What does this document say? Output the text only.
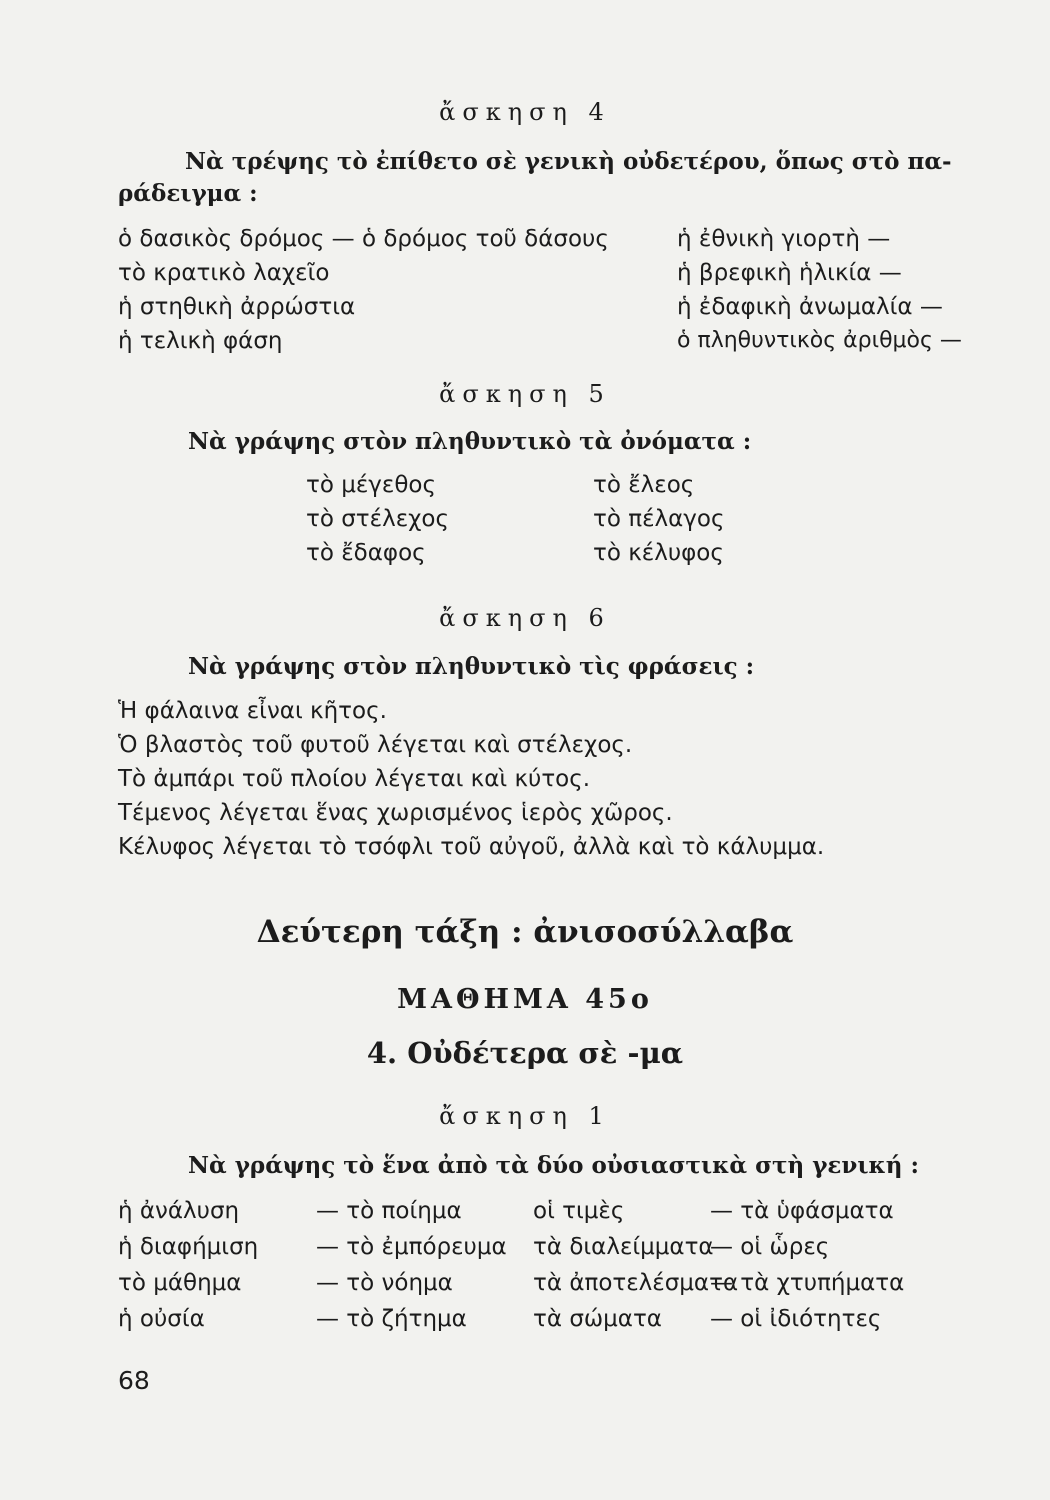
ἄσκηση 4
Νὰ τρέψης τὸ ἐπίθετο σὲ γενικὴ οὐδετέρου, ὅπως στὸ πα-
ράδειγμα :
ὁ δασικὸς δρόμος — ὁ δρόμος τοῦ δάσους
τὸ κρατικὸ λαχεῖο
ἡ στηθικὴ ἀρρώστια
ἡ τελικὴ φάση
ἡ ἐθνικὴ γιορτὴ —
ἡ βρεφικὴ ἡλικία —
ἡ ἐδαφικὴ ἀνωμαλία —
ὁ πληθυντικὸς ἀριθμὸς —
ἄσκηση 5
Νὰ γράψης στὸν πληθυντικὸ τὰ ὀνόματα :
τὸ μέγεθος
τὸ στέλεχος
τὸ ἔδαφος
τὸ ἔλεος
τὸ πέλαγος
τὸ κέλυφος
ἄσκηση 6
Νὰ γράψης στὸν πληθυντικὸ τὶς φράσεις :
Ἡ φάλαινα εἶναι κῆτος.
Ὁ βλαστὸς τοῦ φυτοῦ λέγεται καὶ στέλεχος.
Τὸ ἀμπάρι τοῦ πλοίου λέγεται καὶ κύτος.
Τέμενος λέγεται ἕνας χωρισμένος ἱερὸς χῶρος.
Κέλυφος λέγεται τὸ τσόφλι τοῦ αὐγοῦ, ἀλλὰ καὶ τὸ κάλυμμα.
Δεύτερη τάξη : ἀνισοσύλλαβα
ΜΑΘΗΜΑ 45ο
4. Οὐδέτερα σὲ -μα
ἄσκηση 1
Νὰ γράψης τὸ ἕνα ἀπὸ τὰ δύο οὐσιαστικὰ στὴ γενική :
ἡ ἀνάλυση
ἡ διαφήμιση
τὸ μάθημα
ἡ οὐσία
— τὸ ποίημα
— τὸ ἐμπόρευμα
— τὸ νόημα
— τὸ ζήτημα
οἱ τιμὲς
τὰ διαλείμματα
τὰ ἀποτελέσματα
τὰ σώματα
— τὰ ὑφάσματα
— οἱ ὧρες
— τὰ χτυπήματα
— οἱ ἰδιότητες
68
